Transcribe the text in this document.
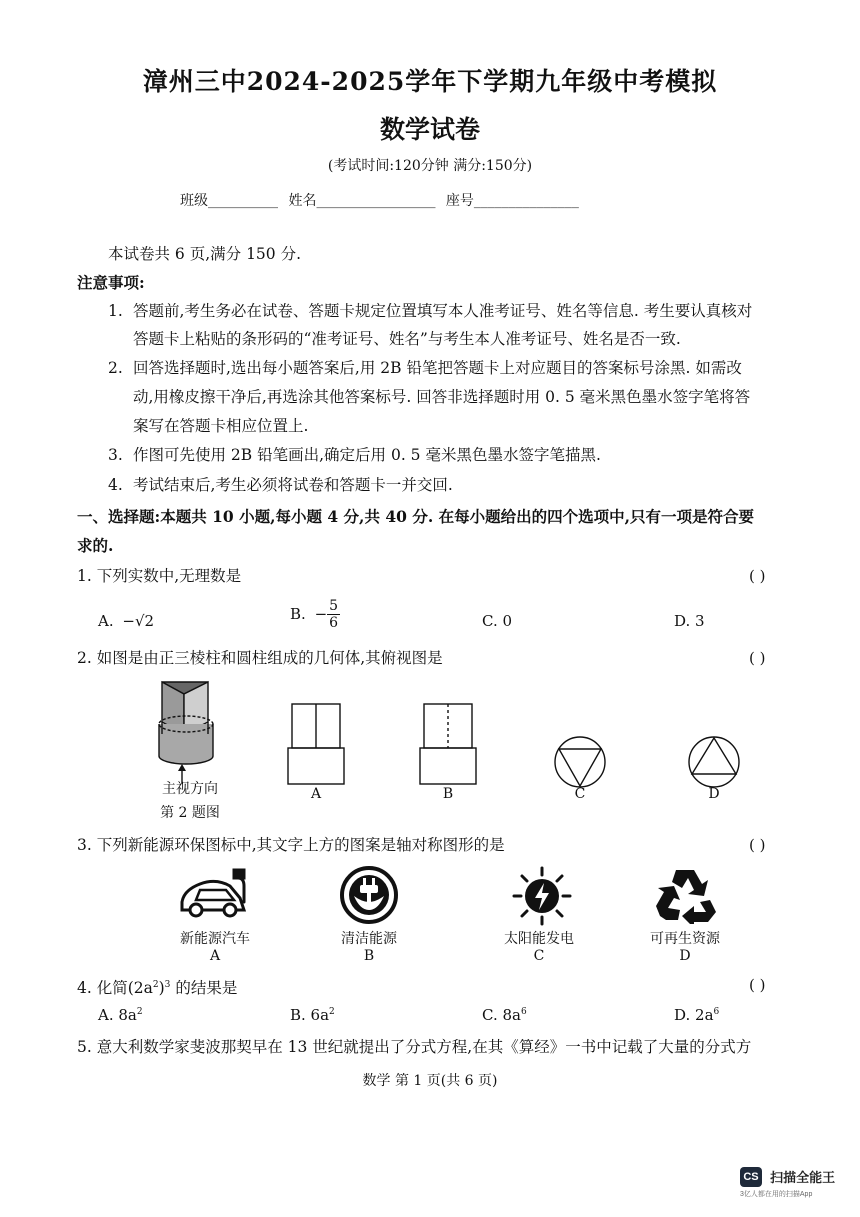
漳州三中2024-2025学年下学期九年级中考模拟
数学试卷
(考试时间:120分钟 满分:150分)
班级__________ 姓名_________________ 座号_______________
本试卷共 6 页,满分 150 分.
注意事项:
1. 答题前,考生务必在试卷、答题卡规定位置填写本人准考证号、姓名等信息. 考生要认真核对
答题卡上粘贴的条形码的“准考证号、姓名”与考生本人准考证号、姓名是否一致.
2. 回答选择题时,选出每小题答案后,用 2B 铅笔把答题卡上对应题目的答案标号涂黑. 如需改
动,用橡皮擦干净后,再选涂其他答案标号. 回答非选择题时用 0. 5 毫米黑色墨水签字笔将答
案写在答题卡相应位置上.
3. 作图可先使用 2B 铅笔画出,确定后用 0. 5 毫米黑色墨水签字笔描黑.
4. 考试结束后,考生必须将试卷和答题卡一并交回.
一、选择题:本题共 10 小题,每小题 4 分,共 40 分. 在每小题给出的四个选项中,只有一项是符合要
求的.
1. 下列实数中,无理数是	( )
A. −√2	B. − $\frac{5}{6}$	C. 0	D. 3
2. 如图是由正三棱柱和圆柱组成的几何体,其俯视图是	( )
主视方向
第 2 题图
A	B	C	D
3. 下列新能源环保图标中,其文字上方的图案是轴对称图形的是	( )
新能源汽车
A
清洁能源
B
太阳能发电
C
可再生资源
D
4. 化简$(2a^2)^3$ 的结果是	( )
A. $8a^2$	B. $6a^2$	C. $8a^6$	D. $2a^6$
5. 意大利数学家斐波那契早在 13 世纪就提出了分式方程,在其《算经》一书中记载了大量的分式方
数学 第 1 页(共 6 页)
CS 扫描全能王
3亿人都在用的扫描App
